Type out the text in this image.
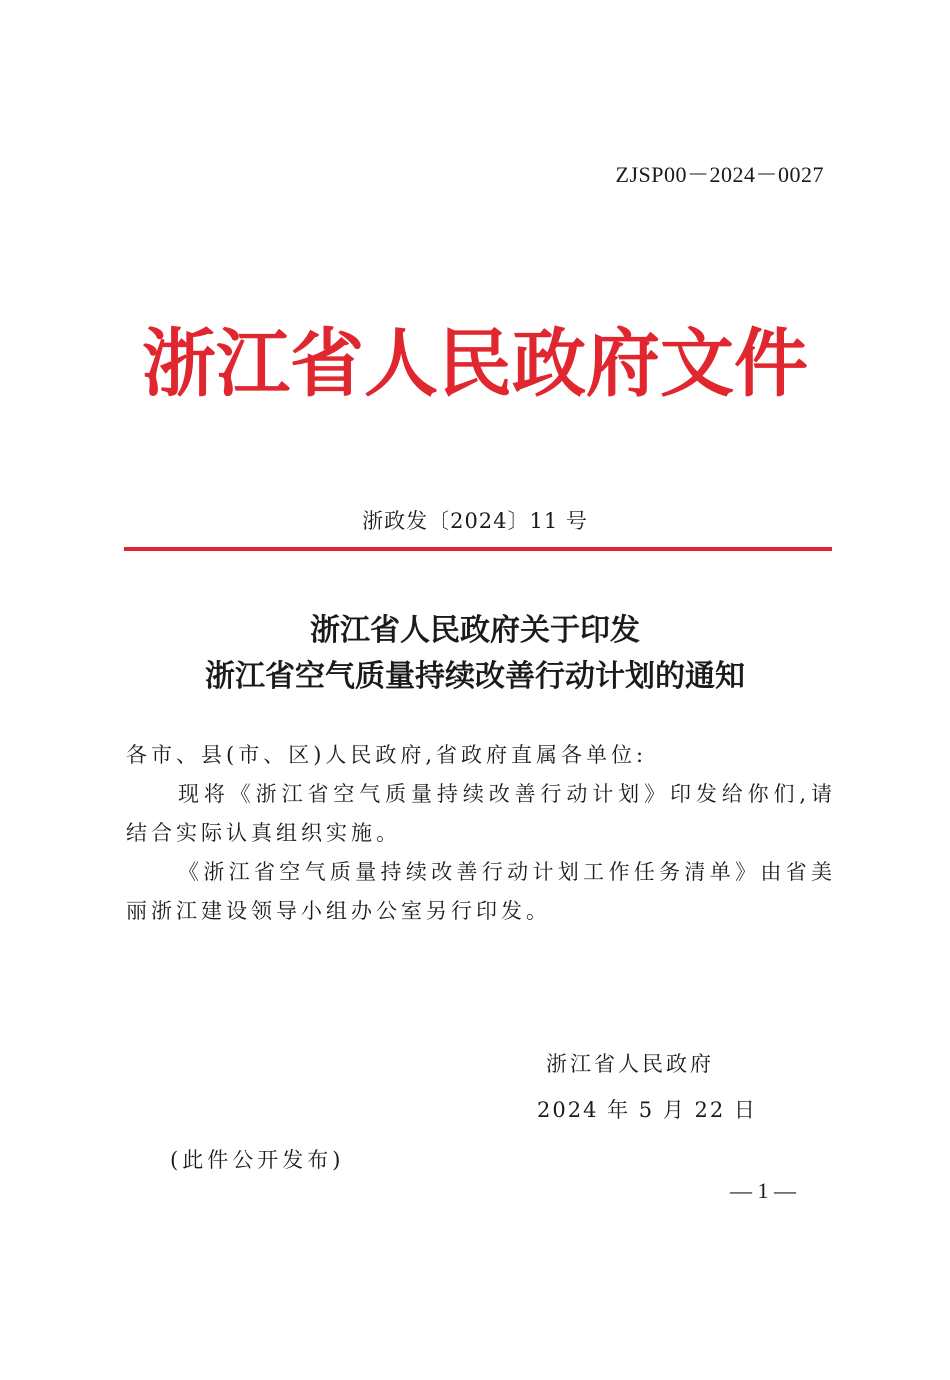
ZJSP00－2024－0027
浙江省人民政府文件
浙政发〔2024〕11 号
浙江省人民政府关于印发
浙江省空气质量持续改善行动计划的通知
各市、县(市、区)人民政府,省政府直属各单位:
现将《浙江省空气质量持续改善行动计划》印发给你们,请结合实际认真组织实施。
《浙江省空气质量持续改善行动计划工作任务清单》由省美丽浙江建设领导小组办公室另行印发。
浙江省人民政府
2024 年 5 月 22 日
(此件公开发布)
— 1 —
